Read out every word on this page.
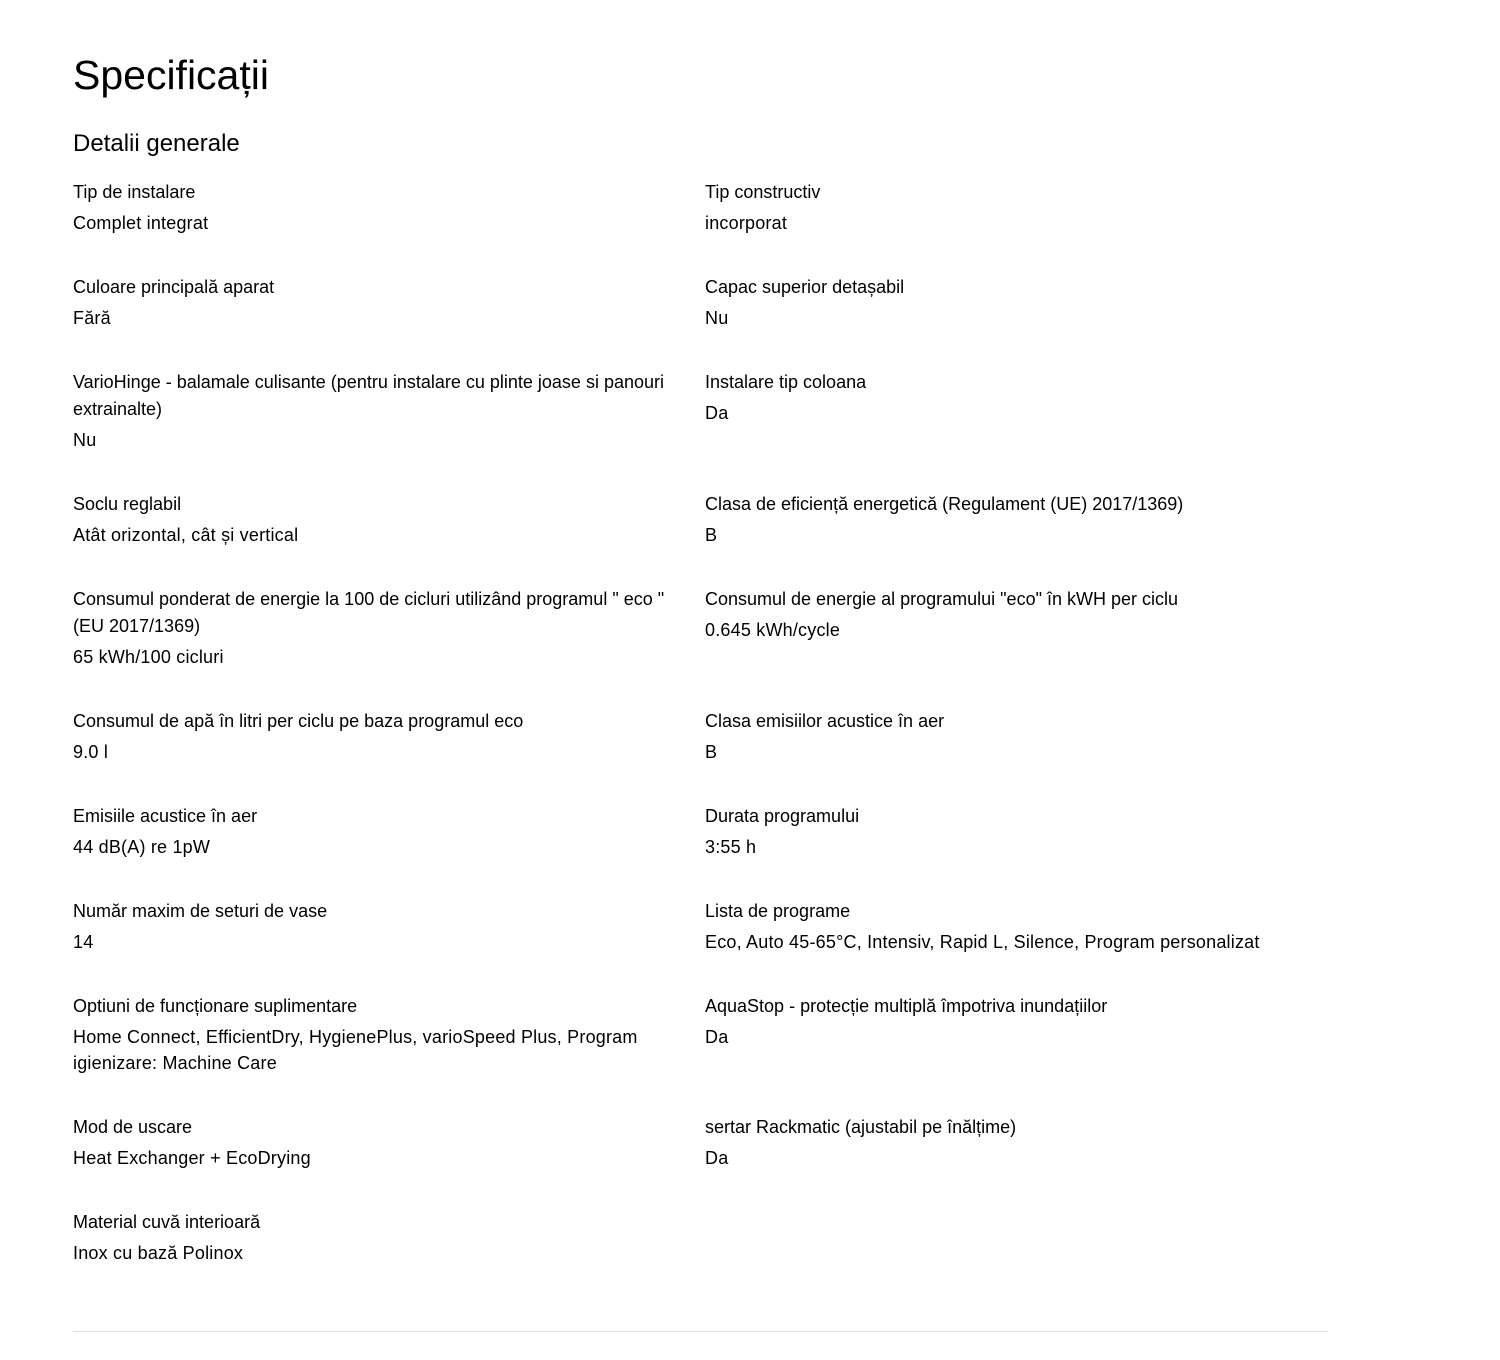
Specificații
Detalii generale
Tip de instalare
Complet integrat
Tip constructiv
incorporat
Culoare principală aparat
Fără
Capac superior detașabil
Nu
VarioHinge - balamale culisante (pentru instalare cu plinte joase si panouri extrainalte)
Nu
Instalare tip coloana
Da
Soclu reglabil
Atât orizontal, cât și vertical
Clasa de eficiență energetică (Regulament (UE) 2017/1369)
B
Consumul ponderat de energie la 100 de cicluri utilizând programul " eco "(EU 2017/1369)
65 kWh/100 cicluri
Consumul de energie al programului "eco" în kWH per ciclu
0.645 kWh/cycle
Consumul de apă în litri per ciclu pe baza programul eco
9.0 l
Clasa emisiilor acustice în aer
B
Emisiile acustice în aer
44 dB(A) re 1pW
Durata programului
3:55 h
Număr maxim de seturi de vase
14
Lista de programe
Eco, Auto 45-65°C, Intensiv, Rapid L, Silence, Program personalizat
Optiuni de funcționare suplimentare
Home Connect, EfficientDry, HygienePlus, varioSpeed Plus, Program igienizare: Machine Care
AquaStop - protecție multiplă împotriva inundațiilor
Da
Mod de uscare
Heat Exchanger + EcoDrying
sertar Rackmatic (ajustabil pe înălțime)
Da
Material cuvă interioară
Inox cu bază Polinox
